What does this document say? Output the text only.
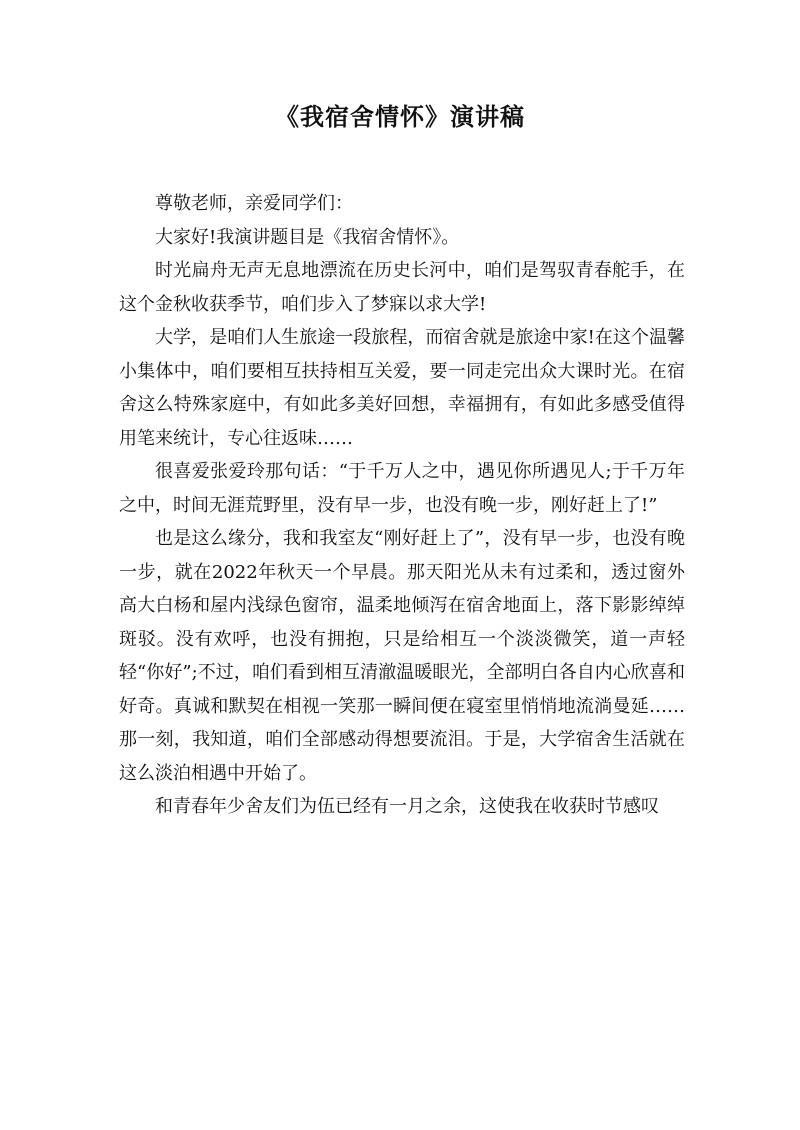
《我宿舍情怀》演讲稿

尊敬老师，亲爱同学们：

大家好!我演讲题目是《我宿舍情怀》。

时光扁舟无声无息地漂流在历史长河中，咱们是驾驭青春舵手，在这个金秋收获季节，咱们步入了梦寐以求大学!

大学，是咱们人生旅途一段旅程，而宿舍就是旅途中家!在这个温馨小集体中，咱们要相互扶持相互关爱，要一同走完出众大课时光。在宿舍这么特殊家庭中，有如此多美好回想，幸福拥有，有如此多感受值得用笔来统计，专心往返味……

很喜爱张爱玲那句话：“于千万人之中，遇见你所遇见人;于千万年之中，时间无涯荒野里，没有早一步，也没有晚一步，刚好赶上了!”

也是这么缘分，我和我室友“刚好赶上了”，没有早一步，也没有晚一步，就在2022年秋天一个早晨。那天阳光从未有过柔和，透过窗外高大白杨和屋内浅绿色窗帘，温柔地倾泻在宿舍地面上，落下影影绰绰斑驳。没有欢呼，也没有拥抱，只是给相互一个淡淡微笑，道一声轻轻“你好”;不过，咱们看到相互清澈温暖眼光，全部明白各自内心欣喜和好奇。真诚和默契在相视一笑那一瞬间便在寝室里悄悄地流淌曼延……那一刻，我知道，咱们全部感动得想要流泪。于是，大学宿舍生活就在这么淡泊相遇中开始了。

和青春年少舍友们为伍已经有一月之余，这使我在收获时节感叹
